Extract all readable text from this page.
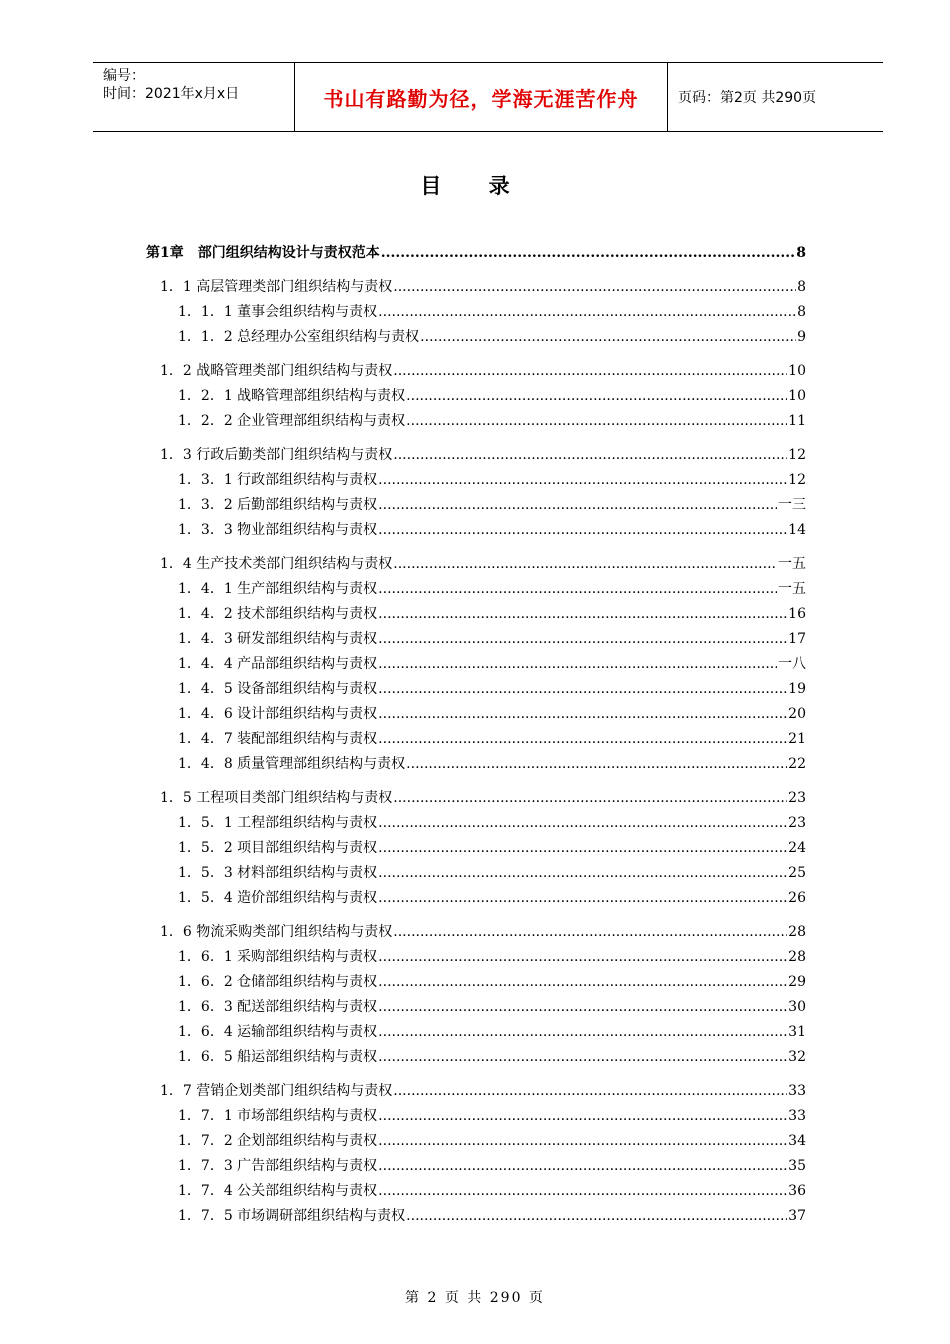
编号：
时间：2021年x月x日	书山有路勤为径，学海无涯苦作舟	页码：第2页 共290页
目 录
第1章　部门组织结构设计与责权范本 .....	8
1．1 高层管理类部门组织结构与责权 .....	8
1．1．1 董事会组织结构与责权 .....	8
1．1．2 总经理办公室组织结构与责权 .....	9
1．2 战略管理类部门组织结构与责权 .....	10
1．2．1 战略管理部组织结构与责权 .....	10
1．2．2 企业管理部组织结构与责权 .....	11
1．3 行政后勤类部门组织结构与责权 .....	12
1．3．1 行政部组织结构与责权 .....	12
1．3．2 后勤部组织结构与责权 .....	一三
1．3．3 物业部组织结构与责权 .....	14
1．4 生产技术类部门组织结构与责权 .....	一五
1．4．1 生产部组织结构与责权 .....	一五
1．4．2 技术部组织结构与责权 .....	16
1．4．3 研发部组织结构与责权 .....	17
1．4．4 产品部组织结构与责权 .....	一八
1．4．5 设备部组织结构与责权 .....	19
1．4．6 设计部组织结构与责权 .....	20
1．4．7 装配部组织结构与责权 .....	21
1．4．8 质量管理部组织结构与责权 .....	22
1．5 工程项目类部门组织结构与责权 .....	23
1．5．1 工程部组织结构与责权 .....	23
1．5．2 项目部组织结构与责权 .....	24
1．5．3 材料部组织结构与责权 .....	25
1．5．4 造价部组织结构与责权 .....	26
1．6 物流采购类部门组织结构与责权 .....	28
1．6．1 采购部组织结构与责权 .....	28
1．6．2 仓储部组织结构与责权 .....	29
1．6．3 配送部组织结构与责权 .....	30
1．6．4 运输部组织结构与责权 .....	31
1．6．5 船运部组织结构与责权 .....	32
1．7 营销企划类部门组织结构与责权 .....	33
1．7．1 市场部组织结构与责权 .....	33
1．7．2 企划部组织结构与责权 .....	34
1．7．3 广告部组织结构与责权 .....	35
1．7．4 公关部组织结构与责权 .....	36
1．7．5 市场调研部组织结构与责权 .....	37
第 2 页 共 290 页
